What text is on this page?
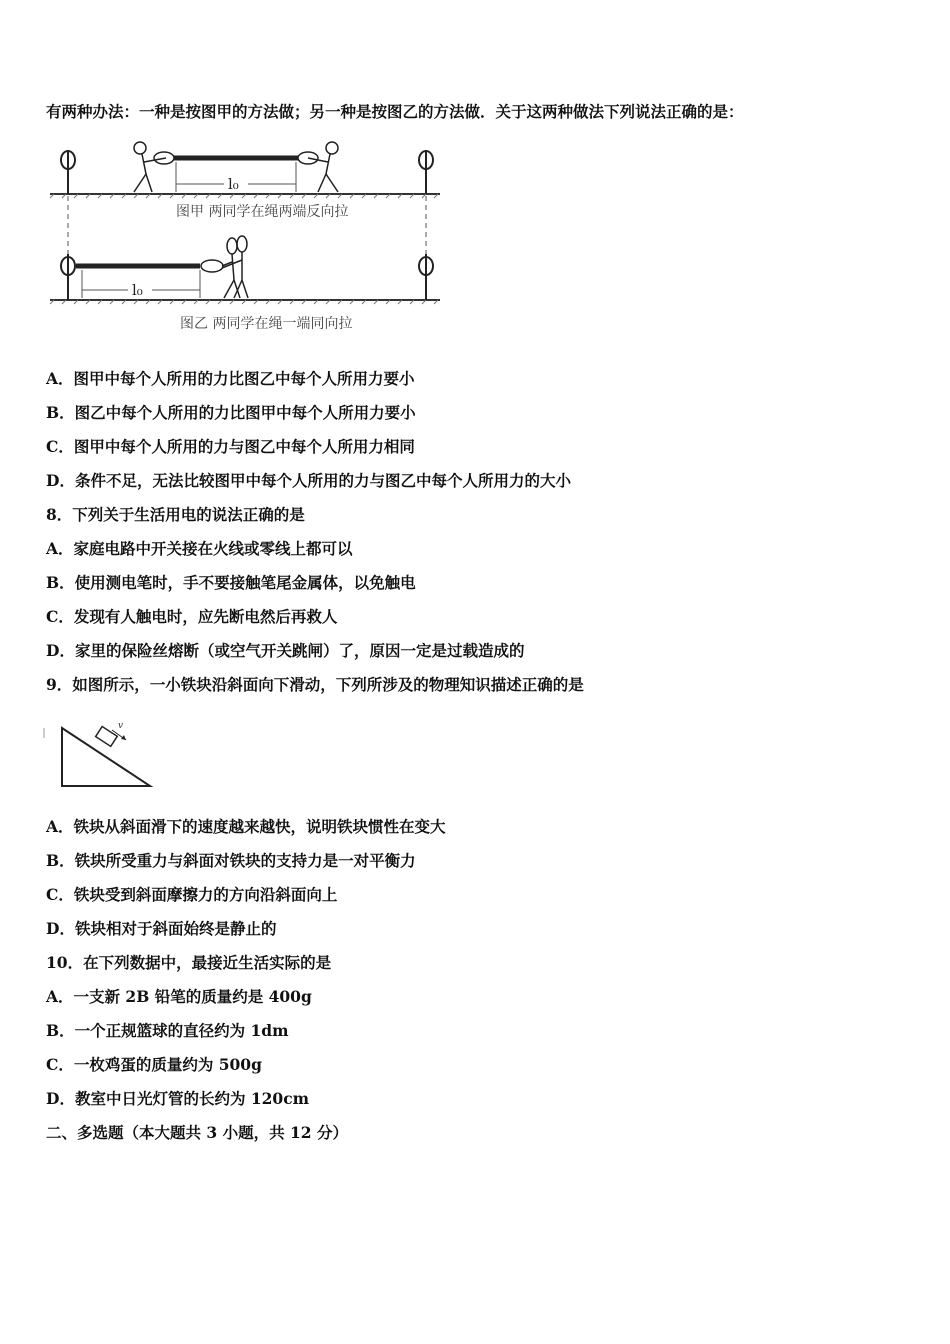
有两种办法：一种是按图甲的方法做；另一种是按图乙的方法做．关于这两种做法下列说法正确的是：
l₀
图甲 两同学在绳两端反向拉
l₀
图乙 两同学在绳一端同向拉
A．图甲中每个人所用的力比图乙中每个人所用力要小
B．图乙中每个人所用的力比图甲中每个人所用力要小
C．图甲中每个人所用的力与图乙中每个人所用力相同
D．条件不足，无法比较图甲中每个人所用的力与图乙中每个人所用力的大小
8．下列关于生活用电的说法正确的是
A．家庭电路中开关接在火线或零线上都可以
B．使用测电笔时，手不要接触笔尾金属体，以免触电
C．发现有人触电时，应先断电然后再救人
D．家里的保险丝熔断（或空气开关跳闸）了，原因一定是过载造成的
9．如图所示，一小铁块沿斜面向下滑动，下列所涉及的物理知识描述正确的是
v
A．铁块从斜面滑下的速度越来越快，说明铁块惯性在变大
B．铁块所受重力与斜面对铁块的支持力是一对平衡力
C．铁块受到斜面摩擦力的方向沿斜面向上
D．铁块相对于斜面始终是静止的
10．在下列数据中，最接近生活实际的是
A．一支新 2B 铅笔的质量约是 400g
B．一个正规篮球的直径约为 1dm
C．一枚鸡蛋的质量约为 500g
D．教室中日光灯管的长约为 120cm
二、多选题（本大题共 3 小题，共 12 分）
